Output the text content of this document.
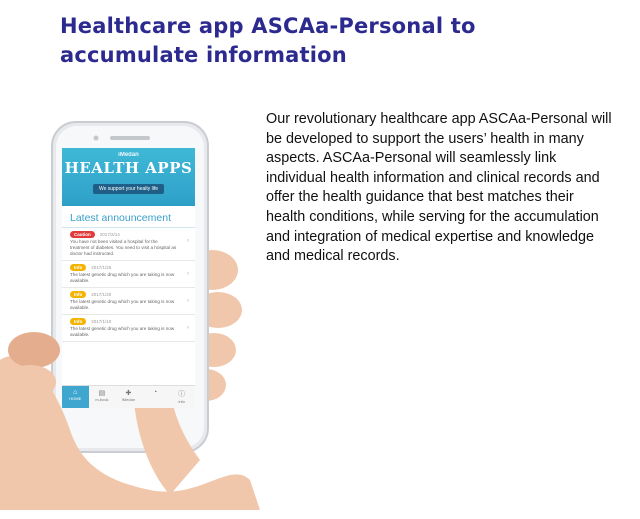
Healthcare app ASCAa-Personal to accumulate information
Our revolutionary healthcare app ASCAa-Personal will be developed to support the users’ health in many aspects. ASCAa-Personal will seamlessly link individual health information and clinical records and offer the health guidance that best matches their health conditions, while serving for the accumulation and integration of medical expertise and knowledge and medical records.
iMedan
HEALTH APPS
We support your healty life
Latest announcement
Caution	2017/2/14
You have not been visited a hospital for the treatment of diabetes. You need to visit a hospital as doctor had instructed.
›
Info	2017/1/25
The latest genetic drug which you are taking is now available.
›
Info	2017/1/20
The latest genetic drug which you are taking is now available.
›
Info	2017/1/10
The latest genetic drug which you are taking is now available.
›
⌂
HOME
▤
m-book
✚
iMedan
◔	ⓘ
info
